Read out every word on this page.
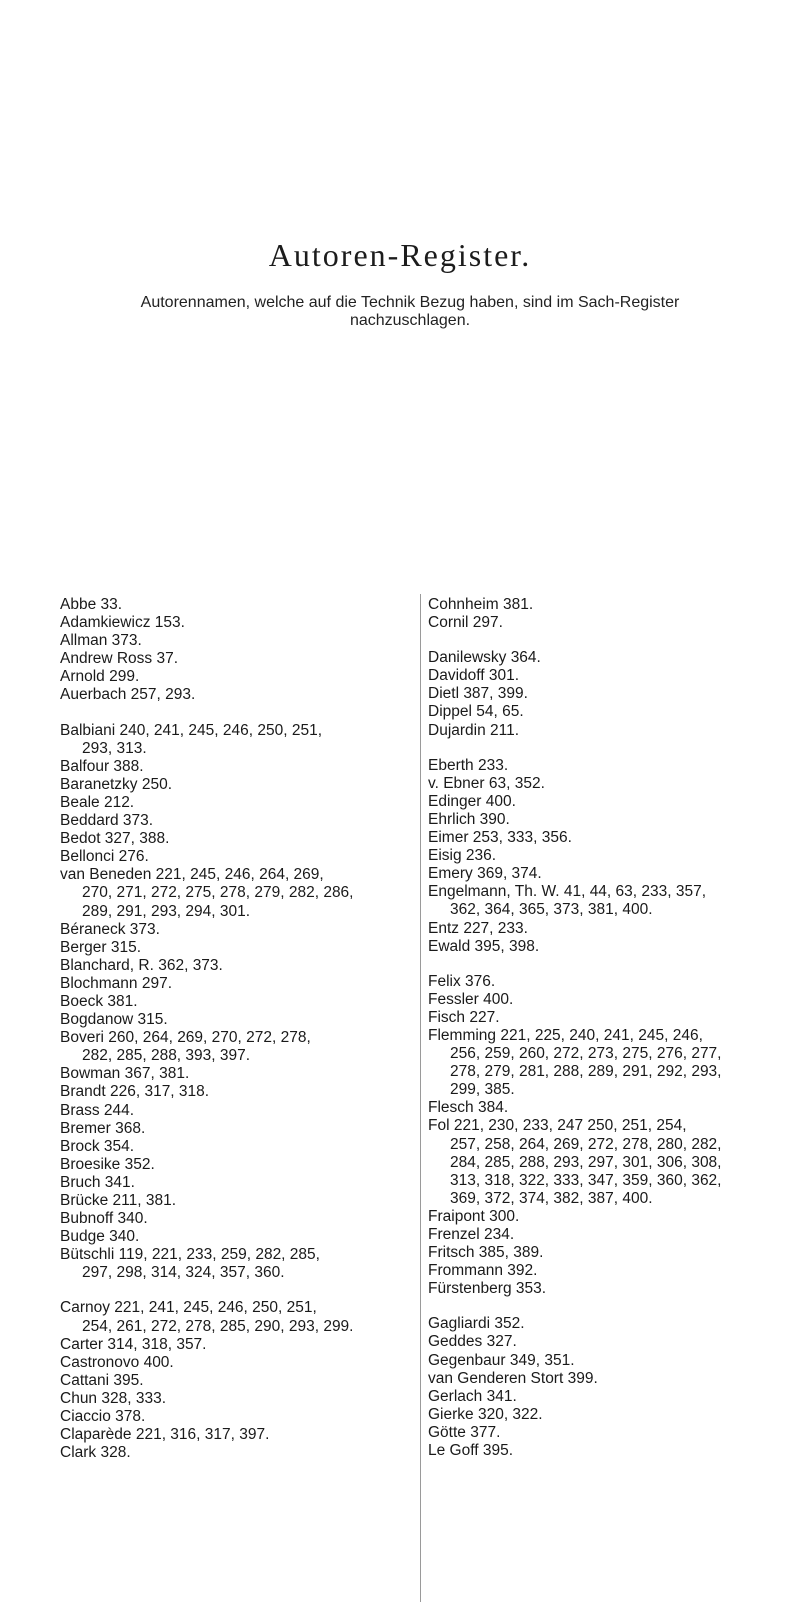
Autoren-Register.
Autorennamen, welche auf die Technik Bezug haben, sind im Sach-Register
nachzuschlagen.
Abbe 33.
Adamkiewicz 153.
Allman 373.
Andrew Ross 37.
Arnold 299.
Auerbach 257, 293.
Balbiani 240, 241, 245, 246, 250, 251,
293, 313.
Balfour 388.
Baranetzky 250.
Beale 212.
Beddard 373.
Bedot 327, 388.
Bellonci 276.
van Beneden 221, 245, 246, 264, 269,
270, 271, 272, 275, 278, 279, 282, 286,
289, 291, 293, 294, 301.
Béraneck 373.
Berger 315.
Blanchard, R. 362, 373.
Blochmann 297.
Boeck 381.
Bogdanow 315.
Boveri 260, 264, 269, 270, 272, 278,
282, 285, 288, 393, 397.
Bowman 367, 381.
Brandt 226, 317, 318.
Brass 244.
Bremer 368.
Brock 354.
Broesike 352.
Bruch 341.
Brücke 211, 381.
Bubnoff 340.
Budge 340.
Bütschli 119, 221, 233, 259, 282, 285,
297, 298, 314, 324, 357, 360.
Carnoy 221, 241, 245, 246, 250, 251,
254, 261, 272, 278, 285, 290, 293, 299.
Carter 314, 318, 357.
Castronovo 400.
Cattani 395.
Chun 328, 333.
Ciaccio 378.
Claparède 221, 316, 317, 397.
Clark 328.
Cohnheim 381.
Cornil 297.
Danilewsky 364.
Davidoff 301.
Dietl 387, 399.
Dippel 54, 65.
Dujardin 211.
Eberth 233.
v. Ebner 63, 352.
Edinger 400.
Ehrlich 390.
Eimer 253, 333, 356.
Eisig 236.
Emery 369, 374.
Engelmann, Th. W. 41, 44, 63, 233, 357,
362, 364, 365, 373, 381, 400.
Entz 227, 233.
Ewald 395, 398.
Felix 376.
Fessler 400.
Fisch 227.
Flemming 221, 225, 240, 241, 245, 246,
256, 259, 260, 272, 273, 275, 276, 277,
278, 279, 281, 288, 289, 291, 292, 293,
299, 385.
Flesch 384.
Fol 221, 230, 233, 247 250, 251, 254,
257, 258, 264, 269, 272, 278, 280, 282,
284, 285, 288, 293, 297, 301, 306, 308,
313, 318, 322, 333, 347, 359, 360, 362,
369, 372, 374, 382, 387, 400.
Fraipont 300.
Frenzel 234.
Fritsch 385, 389.
Frommann 392.
Fürstenberg 353.
Gagliardi 352.
Geddes 327.
Gegenbaur 349, 351.
van Genderen Stort 399.
Gerlach 341.
Gierke 320, 322.
Götte 377.
Le Goff 395.
